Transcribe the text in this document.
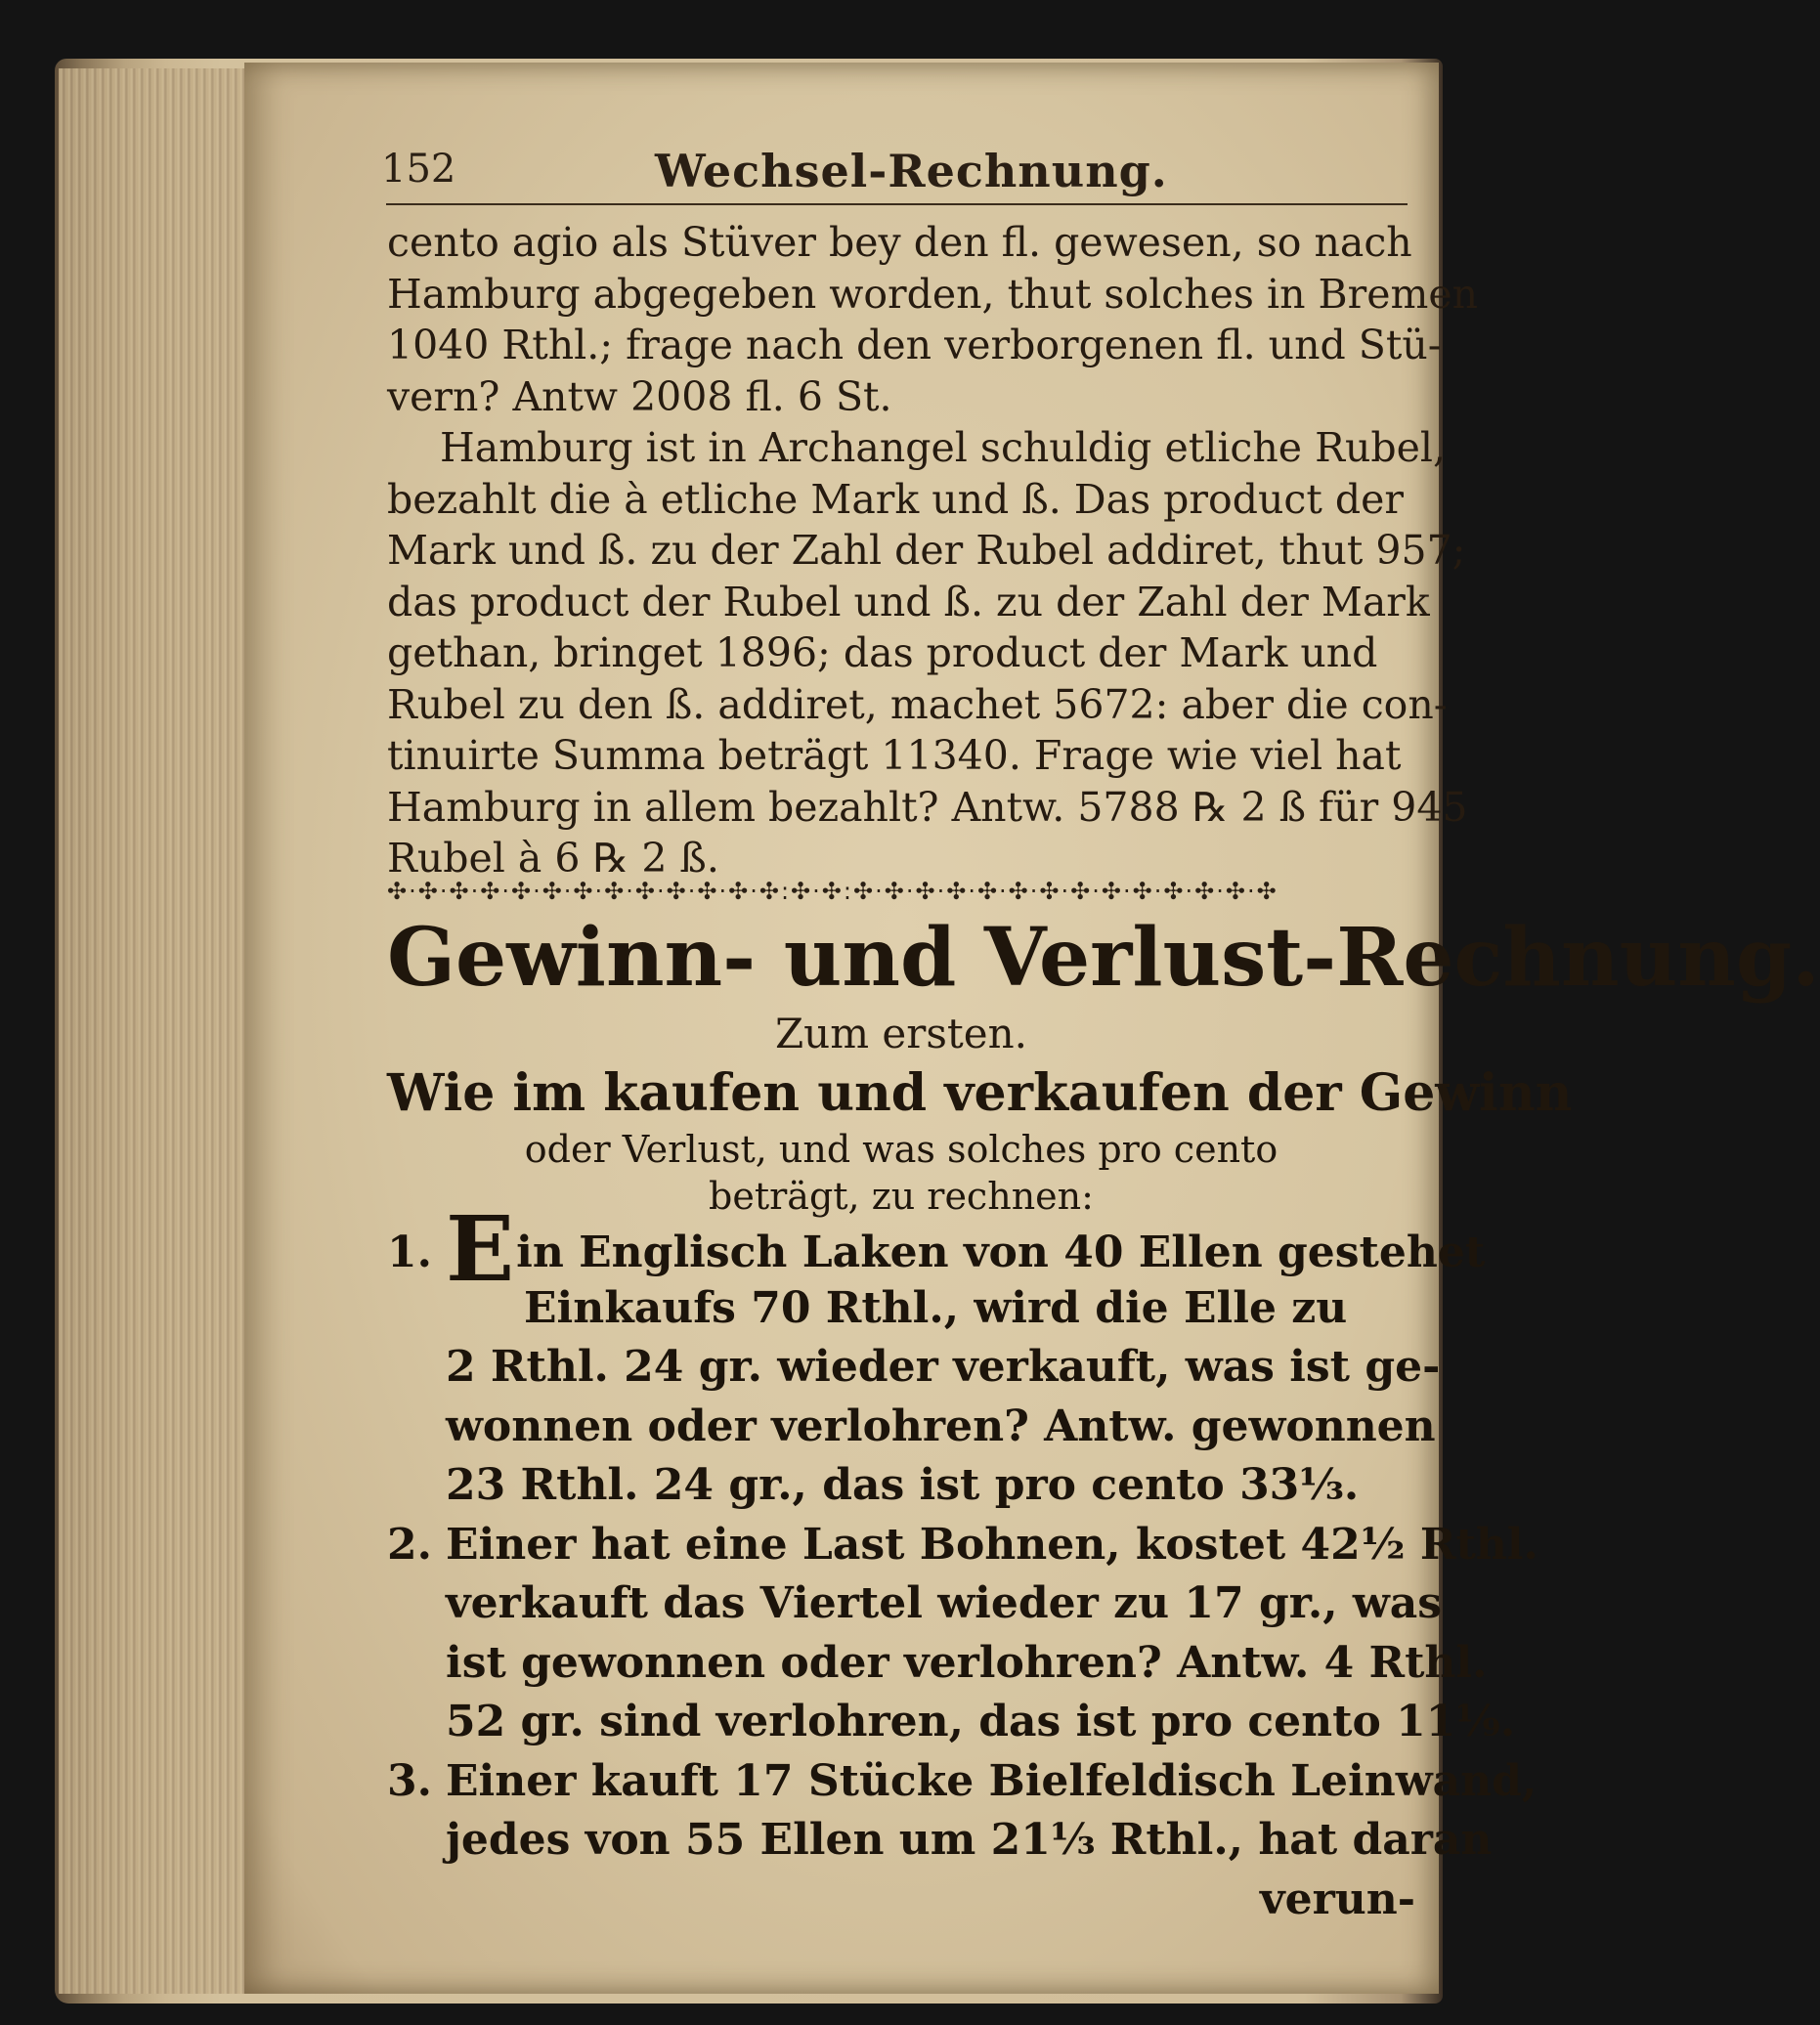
152	Wechsel-Rechnung.
cento agio als Stüver bey den fl. gewesen, so nach
Hamburg abgegeben worden, thut solches in Bremen
1040 Rthl.; frage nach den verborgenen fl. und Stü-
vern? Antw 2008 fl. 6 St.
Hamburg ist in Archangel schuldig etliche Rubel,
bezahlt die à etliche Mark und ß. Das product der
Mark und ß. zu der Zahl der Rubel addiret, thut 957;
das product der Rubel und ß. zu der Zahl der Mark
gethan, bringet 1896; das product der Mark und
Rubel zu den ß. addiret, machet 5672: aber die con-
tinuirte Summa beträgt 11340. Frage wie viel hat
Hamburg in allem bezahlt? Antw. 5788 ℞ 2 ß für 945
Rubel à 6 ℞ 2 ß.
✣·✣·✣·✣·✣·✣·✣·✣·✣·✣·✣·✣·✣:✣·✣:✣·✣·✣·✣·✣·✣·✣·✣·✣·✣·✣·✣·✣·✣
Gewinn- und Verlust-Rechnung.
Zum ersten.
Wie im kaufen und verkaufen der Gewinn
oder Verlust, und was solches pro cento
beträgt, zu rechnen:
1. Ein Englisch Laken von 40 Ellen gestehet
Einkaufs 70 Rthl., wird die Elle zu
2 Rthl. 24 gr. wieder verkauft, was ist ge-
wonnen oder verlohren? Antw. gewonnen
23 Rthl. 24 gr., das ist pro cento 33⅓.
2. Einer hat eine Last Bohnen, kostet 42½ Rthl.
verkauft das Viertel wieder zu 17 gr., was
ist gewonnen oder verlohren? Antw. 4 Rthl.
52 gr. sind verlohren, das ist pro cento 11⅑.
3. Einer kauft 17 Stücke Bielfeldisch Leinwand,
jedes von 55 Ellen um 21⅓ Rthl., hat daran
verun-
